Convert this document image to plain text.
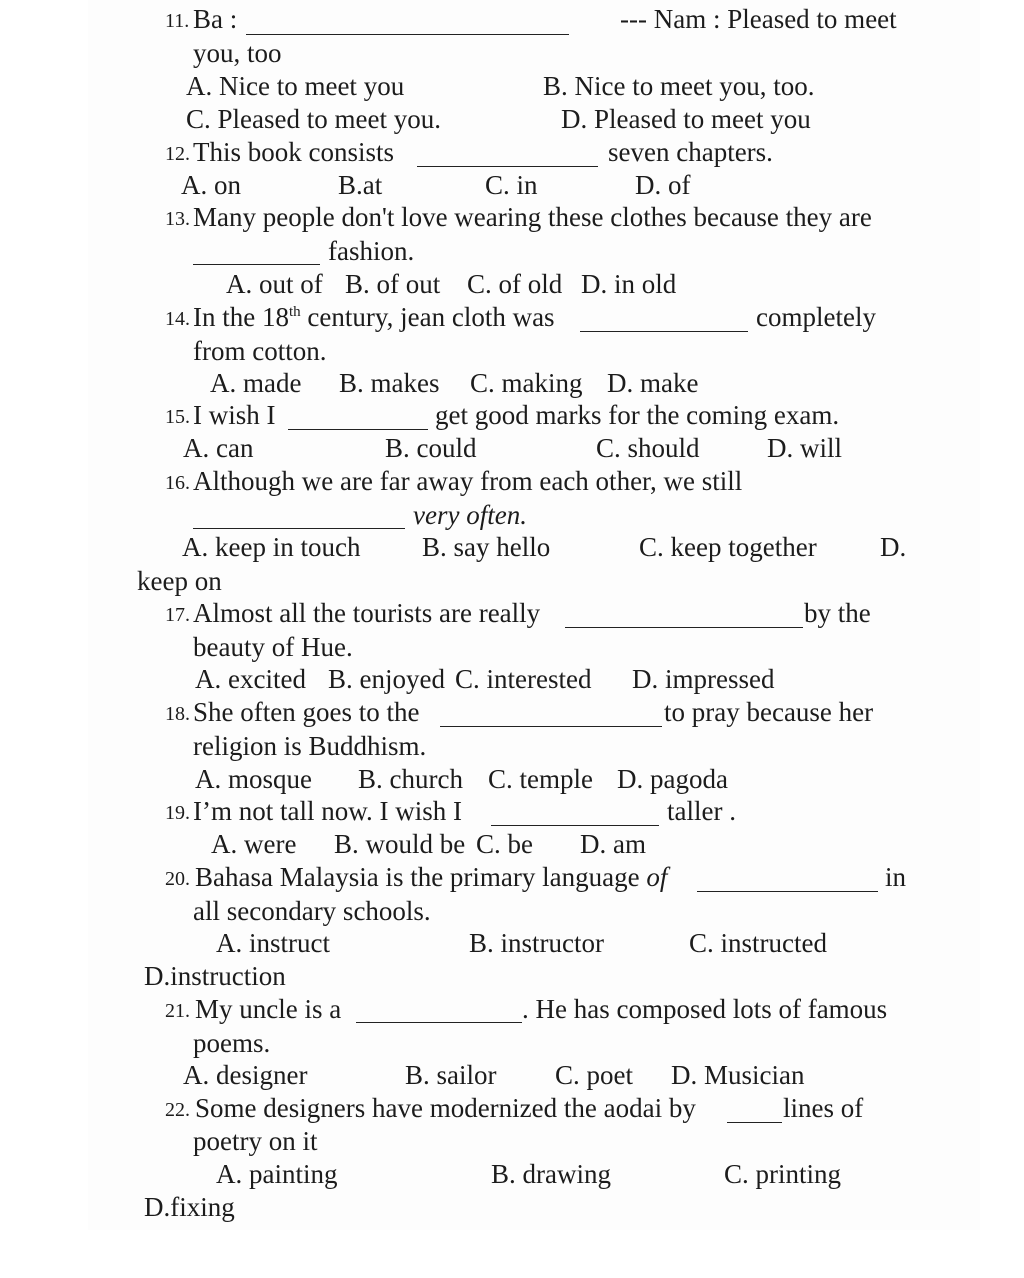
11. Ba :	--- Nam : Pleased to meet
you, too
A. Nice to meet you	B. Nice to meet you, too.
C. Pleased to meet you.	D. Pleased to meet you
12. This book consists	seven chapters.
A. on	B.at	C. in	D. of
13. Many people don't love wearing these clothes because they are
fashion.
A. out of B. of out C. of old D. in old
14. In the 18th century, jean cloth was	completely
from cotton.
A. made B. makes C. making D. make
15. I wish I	get good marks for the coming exam.
A. can	B. could	C. should D. will
16. Although we are far away from each other, we still
very often.
A. keep in touch B. say hello	C. keep together D.
keep on
17. Almost all the tourists are really	by the
beauty of Hue.
A. excited B. enjoyed C. interested D. impressed
18. She often goes to the	to pray because her
religion is Buddhism.
A. mosque B. church C. temple D. pagoda
19. I’m not tall now. I wish I	taller .
A. were B. would be C. be D. am
20. Bahasa Malaysia is the primary language of	in
all secondary schools.
A. instruct	B. instructor	C. instructed
D.instruction
21. My uncle is a	. He has composed lots of famous
poems.
A. designer	B. sailor C. poet D. Musician
22. Some designers have modernized the aodai by	lines of
poetry on it
A. painting	B. drawing	C. printing
D.fixing
